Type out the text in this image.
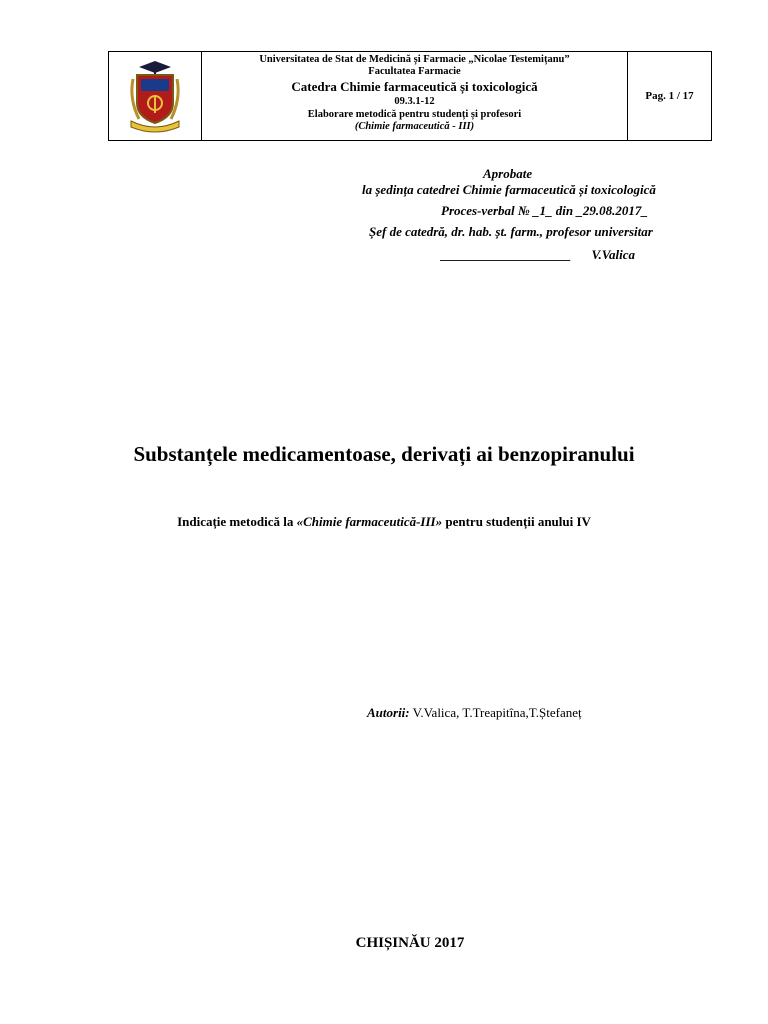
Universitatea de Stat de Medicină și Farmacie „Nicolae Testemițanu”
Facultatea Farmacie
Catedra Chimie farmaceutică și toxicologică
09.3.1-12
Elaborare metodică pentru studenți și profesori
(Chimie farmaceutică - III)
Pag. 1 / 17
Aprobate
la ședința catedrei Chimie farmaceutică și toxicologică
Proces-verbal № _1_ din _29.08.2017_
Șef de catedră, dr. hab. șt. farm., profesor universitar
____________________ V.Valica
Substanțele medicamentoase, derivați ai benzopiranului
Indicație metodică la «Chimie farmaceutică-III» pentru studenții anului IV
Autorii: V.Valica, T.Treapitîna,T.Ștefaneț
CHIȘINĂU 2017
